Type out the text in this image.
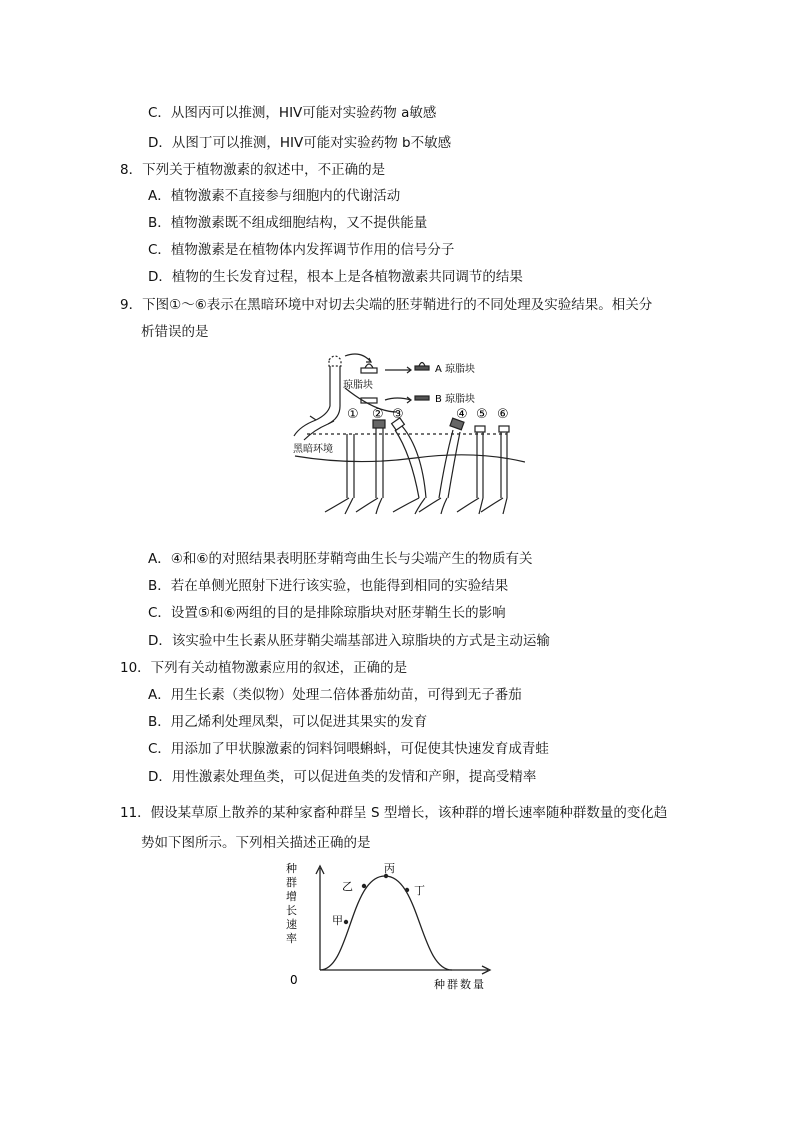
C．从图丙可以推测，HIV可能对实验药物 a敏感
D．从图丁可以推测，HIV可能对实验药物 b不敏感
8．下列关于植物激素的叙述中，不正确的是
A．植物激素不直接参与细胞内的代谢活动
B．植物激素既不组成细胞结构，又不提供能量
C．植物激素是在植物体内发挥调节作用的信号分子
D．植物的生长发育过程，根本上是各植物激素共同调节的结果
9．下图①～⑥表示在黑暗环境中对切去尖端的胚芽鞘进行的不同处理及实验结果。相关分
析错误的是
A 琼脂块
B 琼脂块
琼脂块
黑暗环境
① ② ③	④ ⑤ ⑥
A．④和⑥的对照结果表明胚芽鞘弯曲生长与尖端产生的物质有关
B．若在单侧光照射下进行该实验，也能得到相同的实验结果
C．设置⑤和⑥两组的目的是排除琼脂块对胚芽鞘生长的影响
D．该实验中生长素从胚芽鞘尖端基部进入琼脂块的方式是主动运输
10．下列有关动植物激素应用的叙述，正确的是
A．用生长素（类似物）处理二倍体番茄幼苗，可得到无子番茄
B．用乙烯利处理凤梨，可以促进其果实的发育
C．用添加了甲状腺激素的饲料饲喂蝌蚪，可促使其快速发育成青蛙
D．用性激素处理鱼类，可以促进鱼类的发情和产卵，提高受精率
11．假设某草原上散养的某种家畜种群呈 S 型增长，该种群的增长速率随种群数量的变化趋
势如下图所示。下列相关描述正确的是
种
群
增
长
速
率
0	种群数量
甲
乙
丙
丁
